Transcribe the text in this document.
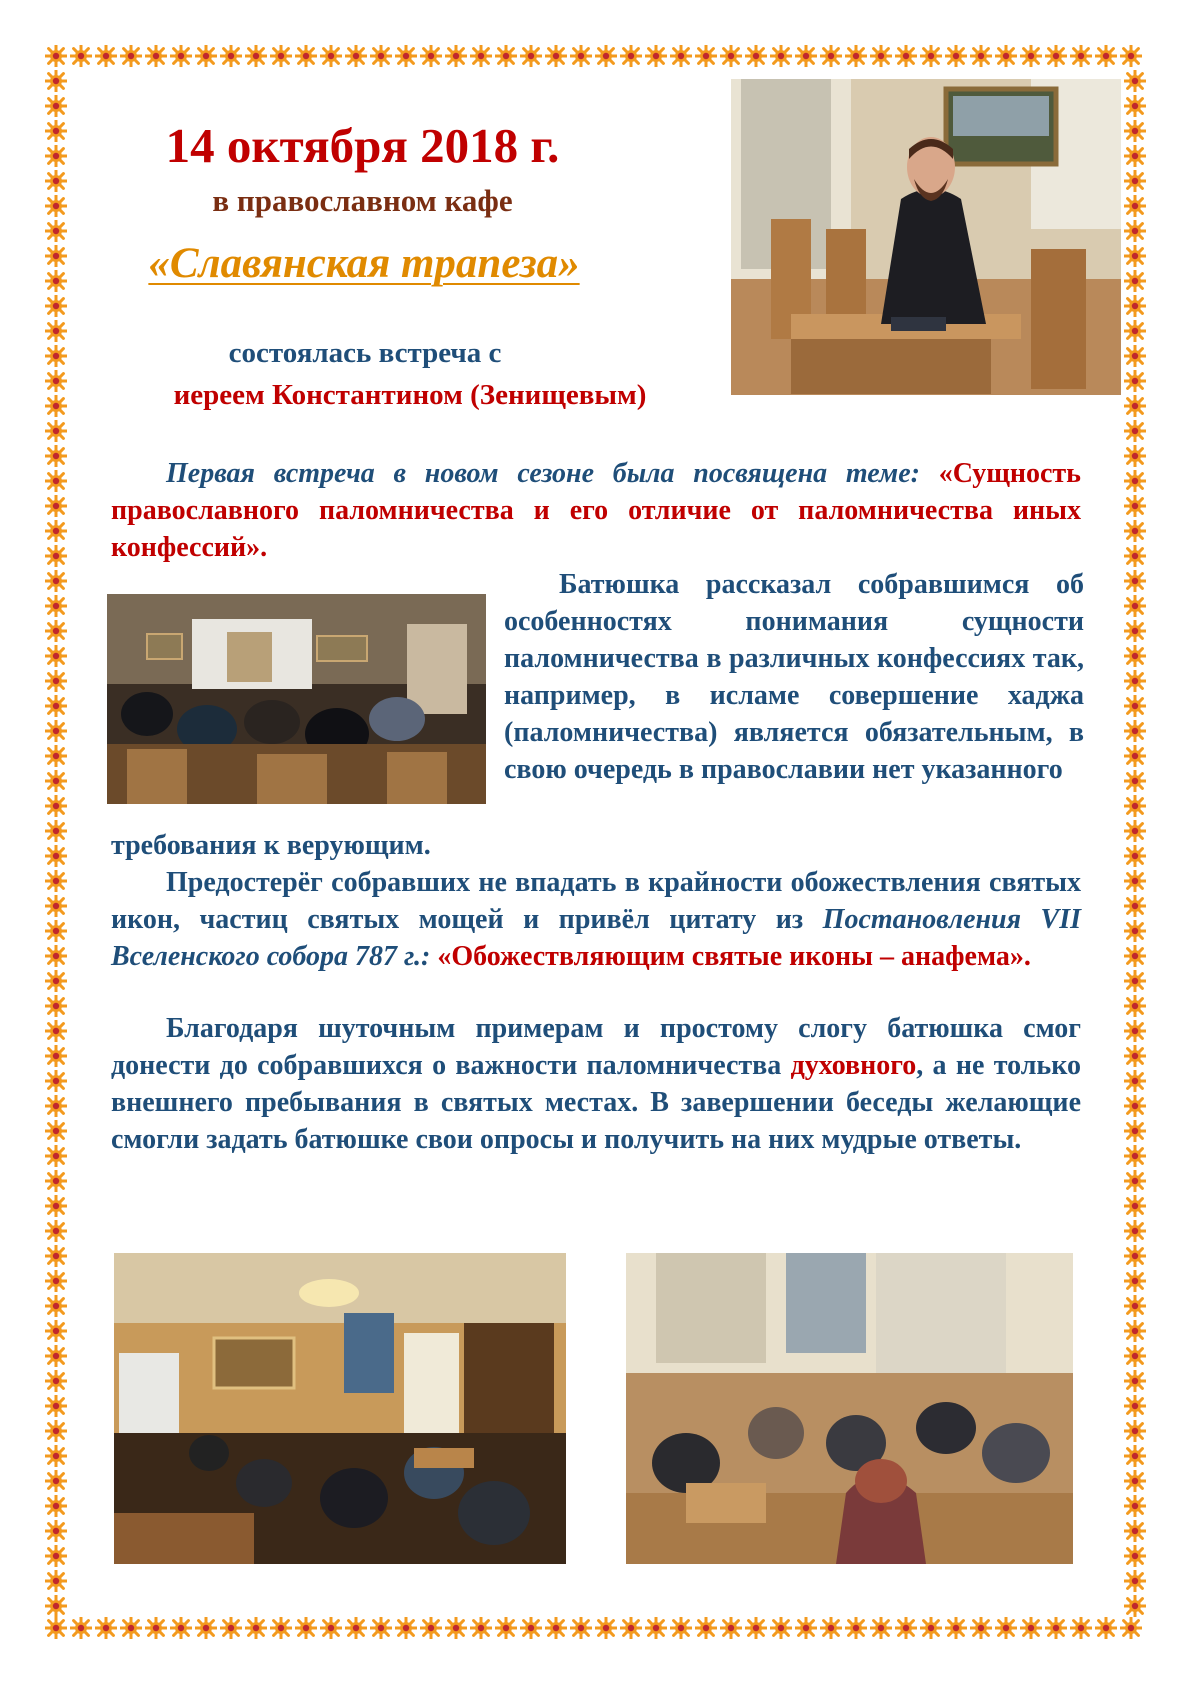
14 октября 2018 г.
в православном кафе
«Славянская трапеза»
состоялась встреча с
иереем Константином (Зенищевым)
Первая встреча в новом сезоне была посвящена теме: «Сущность православного паломничества и его отличие от паломничества иных конфессий».
Батюшка рассказал собравшимся об особенностях понимания сущности паломничества в различных конфессиях так, например, в исламе совершение хаджа (паломничества) является обязательным, в свою очередь в православии нет указанного
требования к верующим.
Предостерёг собравших не впадать в крайности обожествления святых икон, частиц святых мощей и привёл цитату из Постановления VII Вселенского собора 787 г.: «Обожествляющим святые иконы – анафема».
Благодаря шуточным примерам и простому слогу батюшка смог донести до собравшихся о важности паломничества духовного, а не только внешнего пребывания в святых местах. В завершении беседы желающие смогли задать батюшке свои опросы и получить на них мудрые ответы.
